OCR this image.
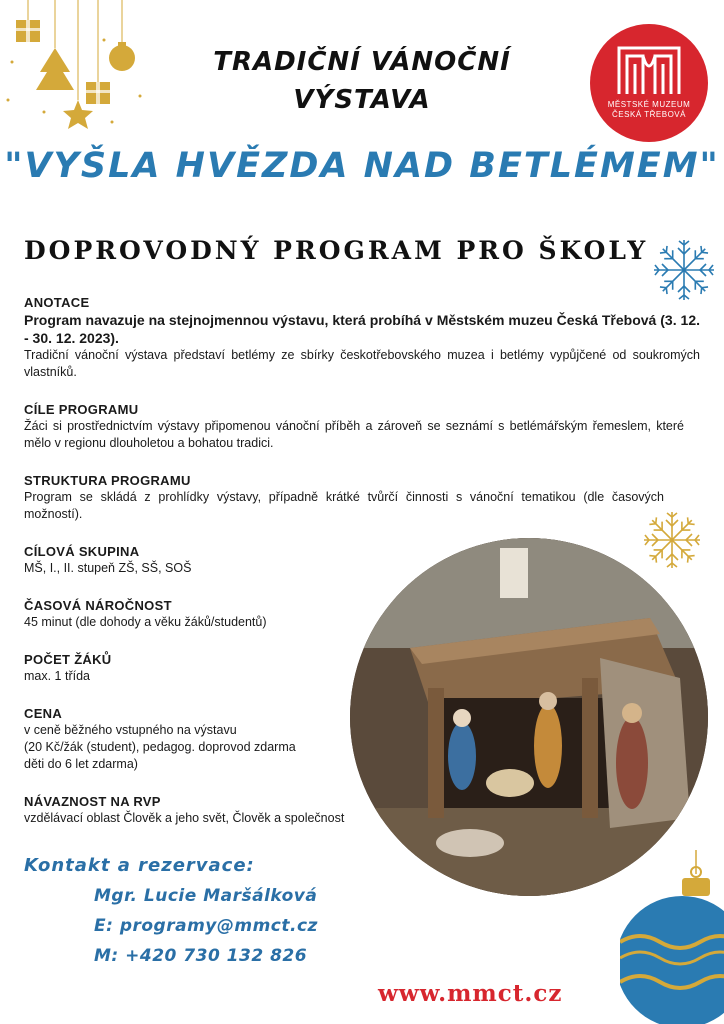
TRADIČNÍ VÁNOČNÍ
VÝSTAVA	MĚSTSKÉ MUZEUM
ČESKÁ TŘEBOVÁ
"VYŠLA HVĚZDA NAD BETLÉMEM"
DOPROVODNÝ PROGRAM PRO ŠKOLY

ANOTACE

Program navazuje na stejnojmennou výstavu, která probíhá v Městském muzeu Česká Třebová (3. 12. - 30. 12. 2023).

Tradiční vánoční výstava představí betlémy ze sbírky českotřebovského muzea i betlémy vypůjčené od soukromých vlastníků.

CÍLE PROGRAMU

Žáci si prostřednictvím výstavy připomenou vánoční příběh a zároveň se seznámí s betlémářským řemeslem, které mělo v regionu dlouholetou a bohatou tradici.

STRUKTURA PROGRAMU

Program se skládá z prohlídky výstavy, případně krátké tvůrčí činnosti s vánoční tematikou (dle časových možností).

CÍLOVÁ SKUPINA

MŠ, I., II. stupeň ZŠ, SŠ, SOŠ

ČASOVÁ NÁROČNOST

45 minut (dle dohody a věku žáků/studentů)

POČET ŽÁKŮ

max. 1 třída

CENA

v ceně běžného vstupného na výstavu

(20 Kč/žák (student), pedagog. doprovod zdarma

děti do 6 let zdarma)

NÁVAZNOST NA RVP

vzdělávací oblast Člověk a jeho svět, Člověk a společnost

Kontakt a rezervace:
Mgr. Lucie Maršálková
E: programy@mmct.cz
M: +420 730 132 826
www.mmct.cz
